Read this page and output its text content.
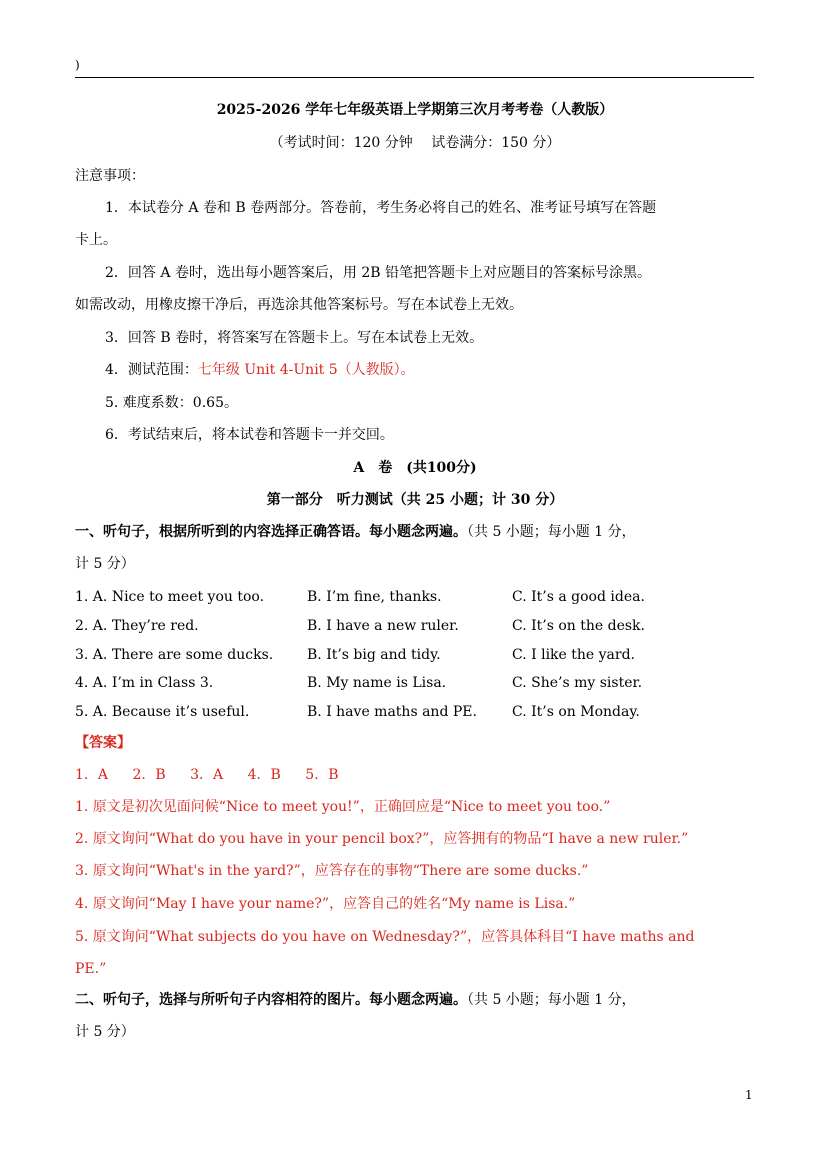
)
2025-2026 学年七年级英语上学期第三次月考考卷（人教版）
（考试时间：120 分钟　 试卷满分：150 分）
注意事项：
1．本试卷分 A 卷和 B 卷两部分。答卷前，考生务必将自己的姓名、准考证号填写在答题
卡上。
2．回答 A 卷时，选出每小题答案后，用 2B 铅笔把答题卡上对应题目的答案标号涂黑。
如需改动，用橡皮擦干净后，再选涂其他答案标号。写在本试卷上无效。
3．回答 B 卷时，将答案写在答题卡上。写在本试卷上无效。
4．测试范围：七年级 Unit 4-Unit 5（人教版）。
5. 难度系数：0.65。
6．考试结束后，将本试卷和答题卡一并交回。
A　卷　(共100分)
第一部分　听力测试（共 25 小题；计 30 分）
一、听句子，根据所听到的内容选择正确答语。每小题念两遍。（共 5 小题；每小题 1 分，
计 5 分）
1. A. Nice to meet you too.	B. I’m fine, thanks.	C. It’s a good idea.
2. A. They’re red.	B. I have a new ruler.	C. It’s on the desk.
3. A. There are some ducks. B. It’s big and tidy.	C. I like the yard.
4. A. I’m in Class 3.	B. My name is Lisa.	C. She’s my sister.
5. A. Because it’s useful.	B. I have maths and PE.	C. It’s on Monday.
【答案】
1．A 2．B 3．A 4．B 5．B
1. 原文是初次见面问候“Nice to meet you!”，正确回应是“Nice to meet you too.”
2. 原文询问“What do you have in your pencil box?”，应答拥有的物品“I have a new ruler.”
3. 原文询问“What's in the yard?”，应答存在的事物“There are some ducks.”
4. 原文询问“May I have your name?”，应答自己的姓名“My name is Lisa.”
5. 原文询问“What subjects do you have on Wednesday?”，应答具体科目“I have maths and
PE.”
二、听句子，选择与所听句子内容相符的图片。每小题念两遍。（共 5 小题；每小题 1 分，
计 5 分）
1
